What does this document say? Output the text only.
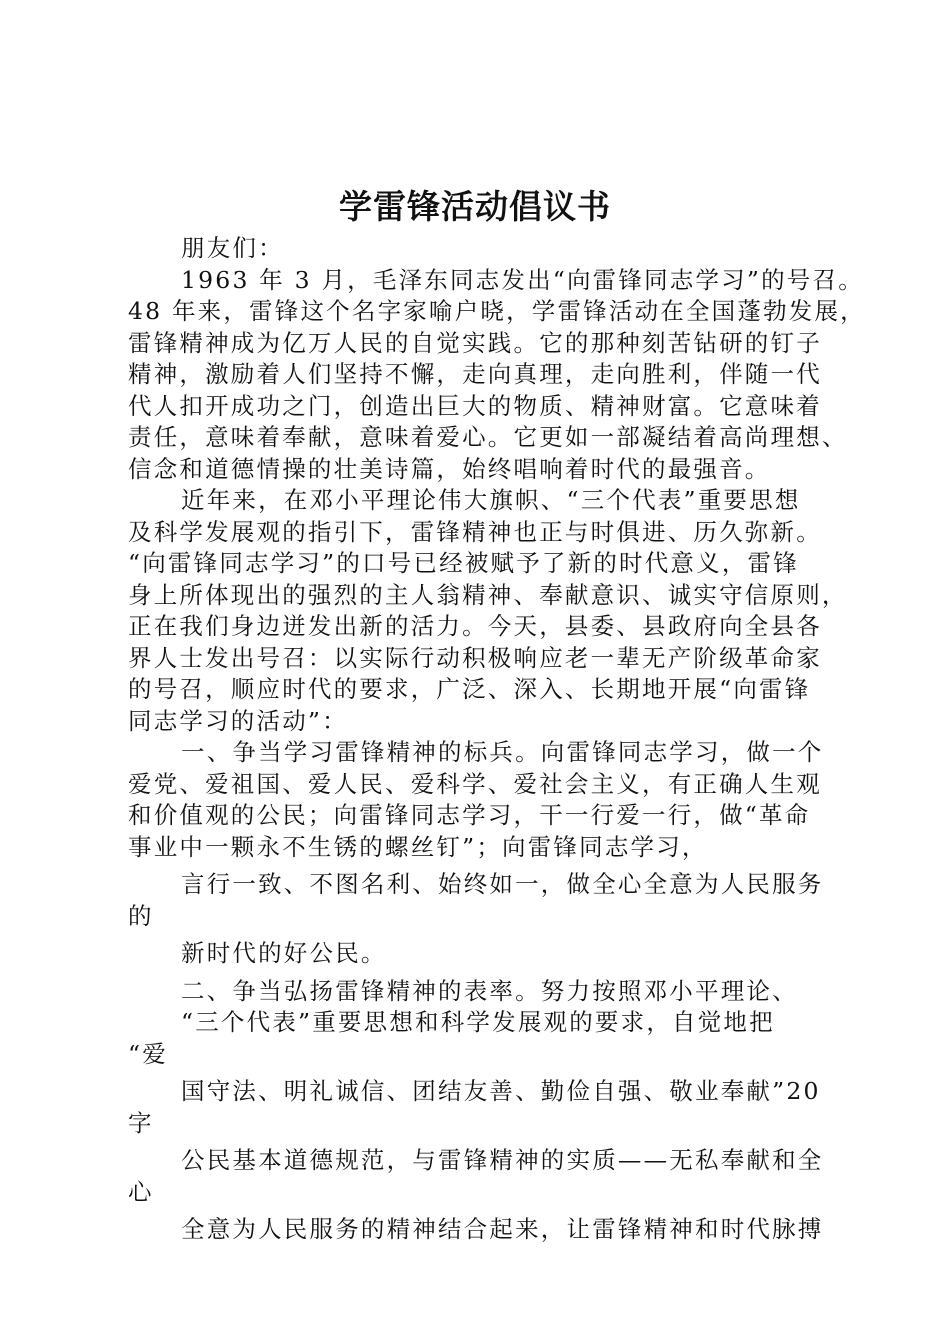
学雷锋活动倡议书

朋友们：

1963 年 3 月，毛泽东同志发出“向雷锋同志学习”的号召。
48 年来，雷锋这个名字家喻户晓，学雷锋活动在全国蓬勃发展，
雷锋精神成为亿万人民的自觉实践。它的那种刻苦钻研的钉子
精神，激励着人们坚持不懈，走向真理，走向胜利，伴随一代
代人扣开成功之门，创造出巨大的物质、精神财富。它意味着
责任，意味着奉献，意味着爱心。它更如一部凝结着高尚理想、
信念和道德情操的壮美诗篇，始终唱响着时代的最强音。

近年来，在邓小平理论伟大旗帜、“三个代表”重要思想
及科学发展观的指引下，雷锋精神也正与时俱进、历久弥新。
“向雷锋同志学习”的口号已经被赋予了新的时代意义，雷锋
身上所体现出的强烈的主人翁精神、奉献意识、诚实守信原则，
正在我们身边迸发出新的活力。今天，县委、县政府向全县各
界人士发出号召：以实际行动积极响应老一辈无产阶级革命家
的号召，顺应时代的要求，广泛、深入、长期地开展“向雷锋
同志学习的活动”：

一、争当学习雷锋精神的标兵。向雷锋同志学习，做一个
爱党、爱祖国、爱人民、爱科学、爱社会主义，有正确人生观
和价值观的公民；向雷锋同志学习，干一行爱一行，做“革命
事业中一颗永不生锈的螺丝钉”；向雷锋同志学习，

言行一致、不图名利、始终如一，做全心全意为人民服务
的

新时代的好公民。

二、争当弘扬雷锋精神的表率。努力按照邓小平理论、

“三个代表”重要思想和科学发展观的要求，自觉地把
“爱

国守法、明礼诚信、团结友善、勤俭自强、敬业奉献”20
字

公民基本道德规范，与雷锋精神的实质——无私奉献和全
心

全意为人民服务的精神结合起来，让雷锋精神和时代脉搏
